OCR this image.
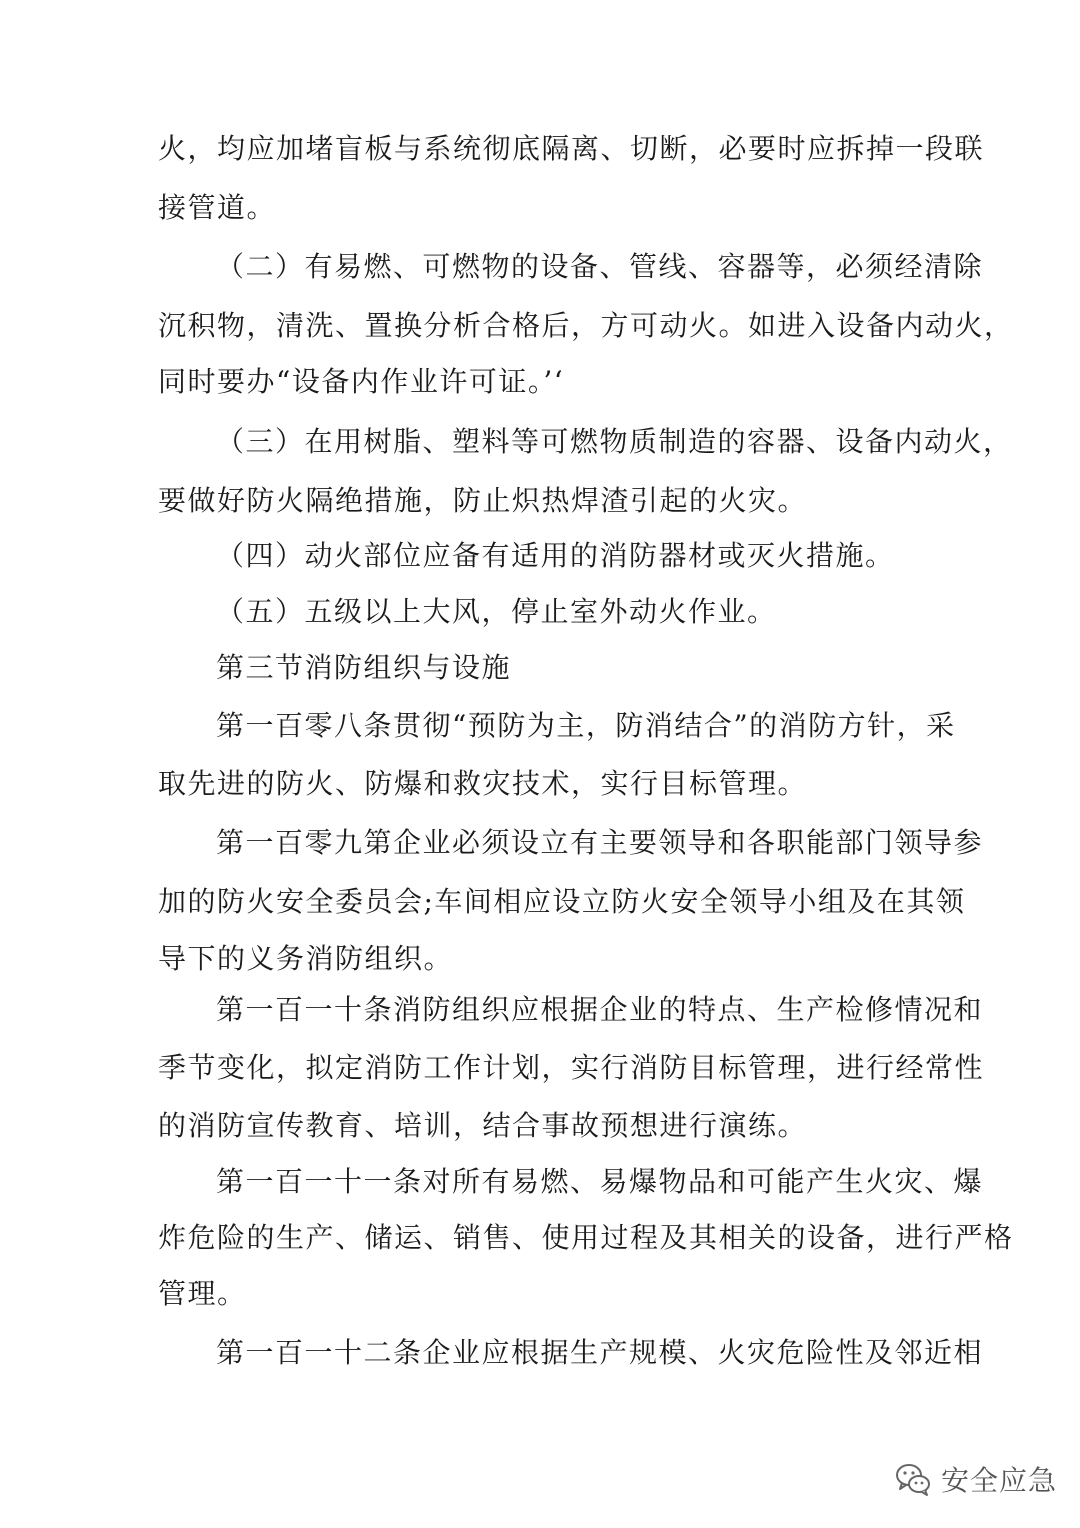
火，均应加堵盲板与系统彻底隔离、切断，必要时应拆掉一段联
接管道。
（二）有易燃、可燃物的设备、管线、容器等，必须经清除
沉积物，清洗、置换分析合格后，方可动火。如进入设备内动火，
同时要办“设备内作业许可证。’‘
（三）在用树脂、塑料等可燃物质制造的容器、设备内动火，
要做好防火隔绝措施，防止炽热焊渣引起的火灾。
（四）动火部位应备有适用的消防器材或灭火措施。
（五）五级以上大风，停止室外动火作业。
第三节消防组织与设施
第一百零八条贯彻“预防为主，防消结合”的消防方针，采
取先进的防火、防爆和救灾技术，实行目标管理。
第一百零九第企业必须设立有主要领导和各职能部门领导参
加的防火安全委员会;车间相应设立防火安全领导小组及在其领
导下的义务消防组织。
第一百一十条消防组织应根据企业的特点、生产检修情况和
季节变化，拟定消防工作计划，实行消防目标管理，进行经常性
的消防宣传教育、培训，结合事故预想进行演练。
第一百一十一条对所有易燃、易爆物品和可能产生火灾、爆
炸危险的生产、储运、销售、使用过程及其相关的设备，进行严格
管理。
第一百一十二条企业应根据生产规模、火灾危险性及邻近相
安全应急
